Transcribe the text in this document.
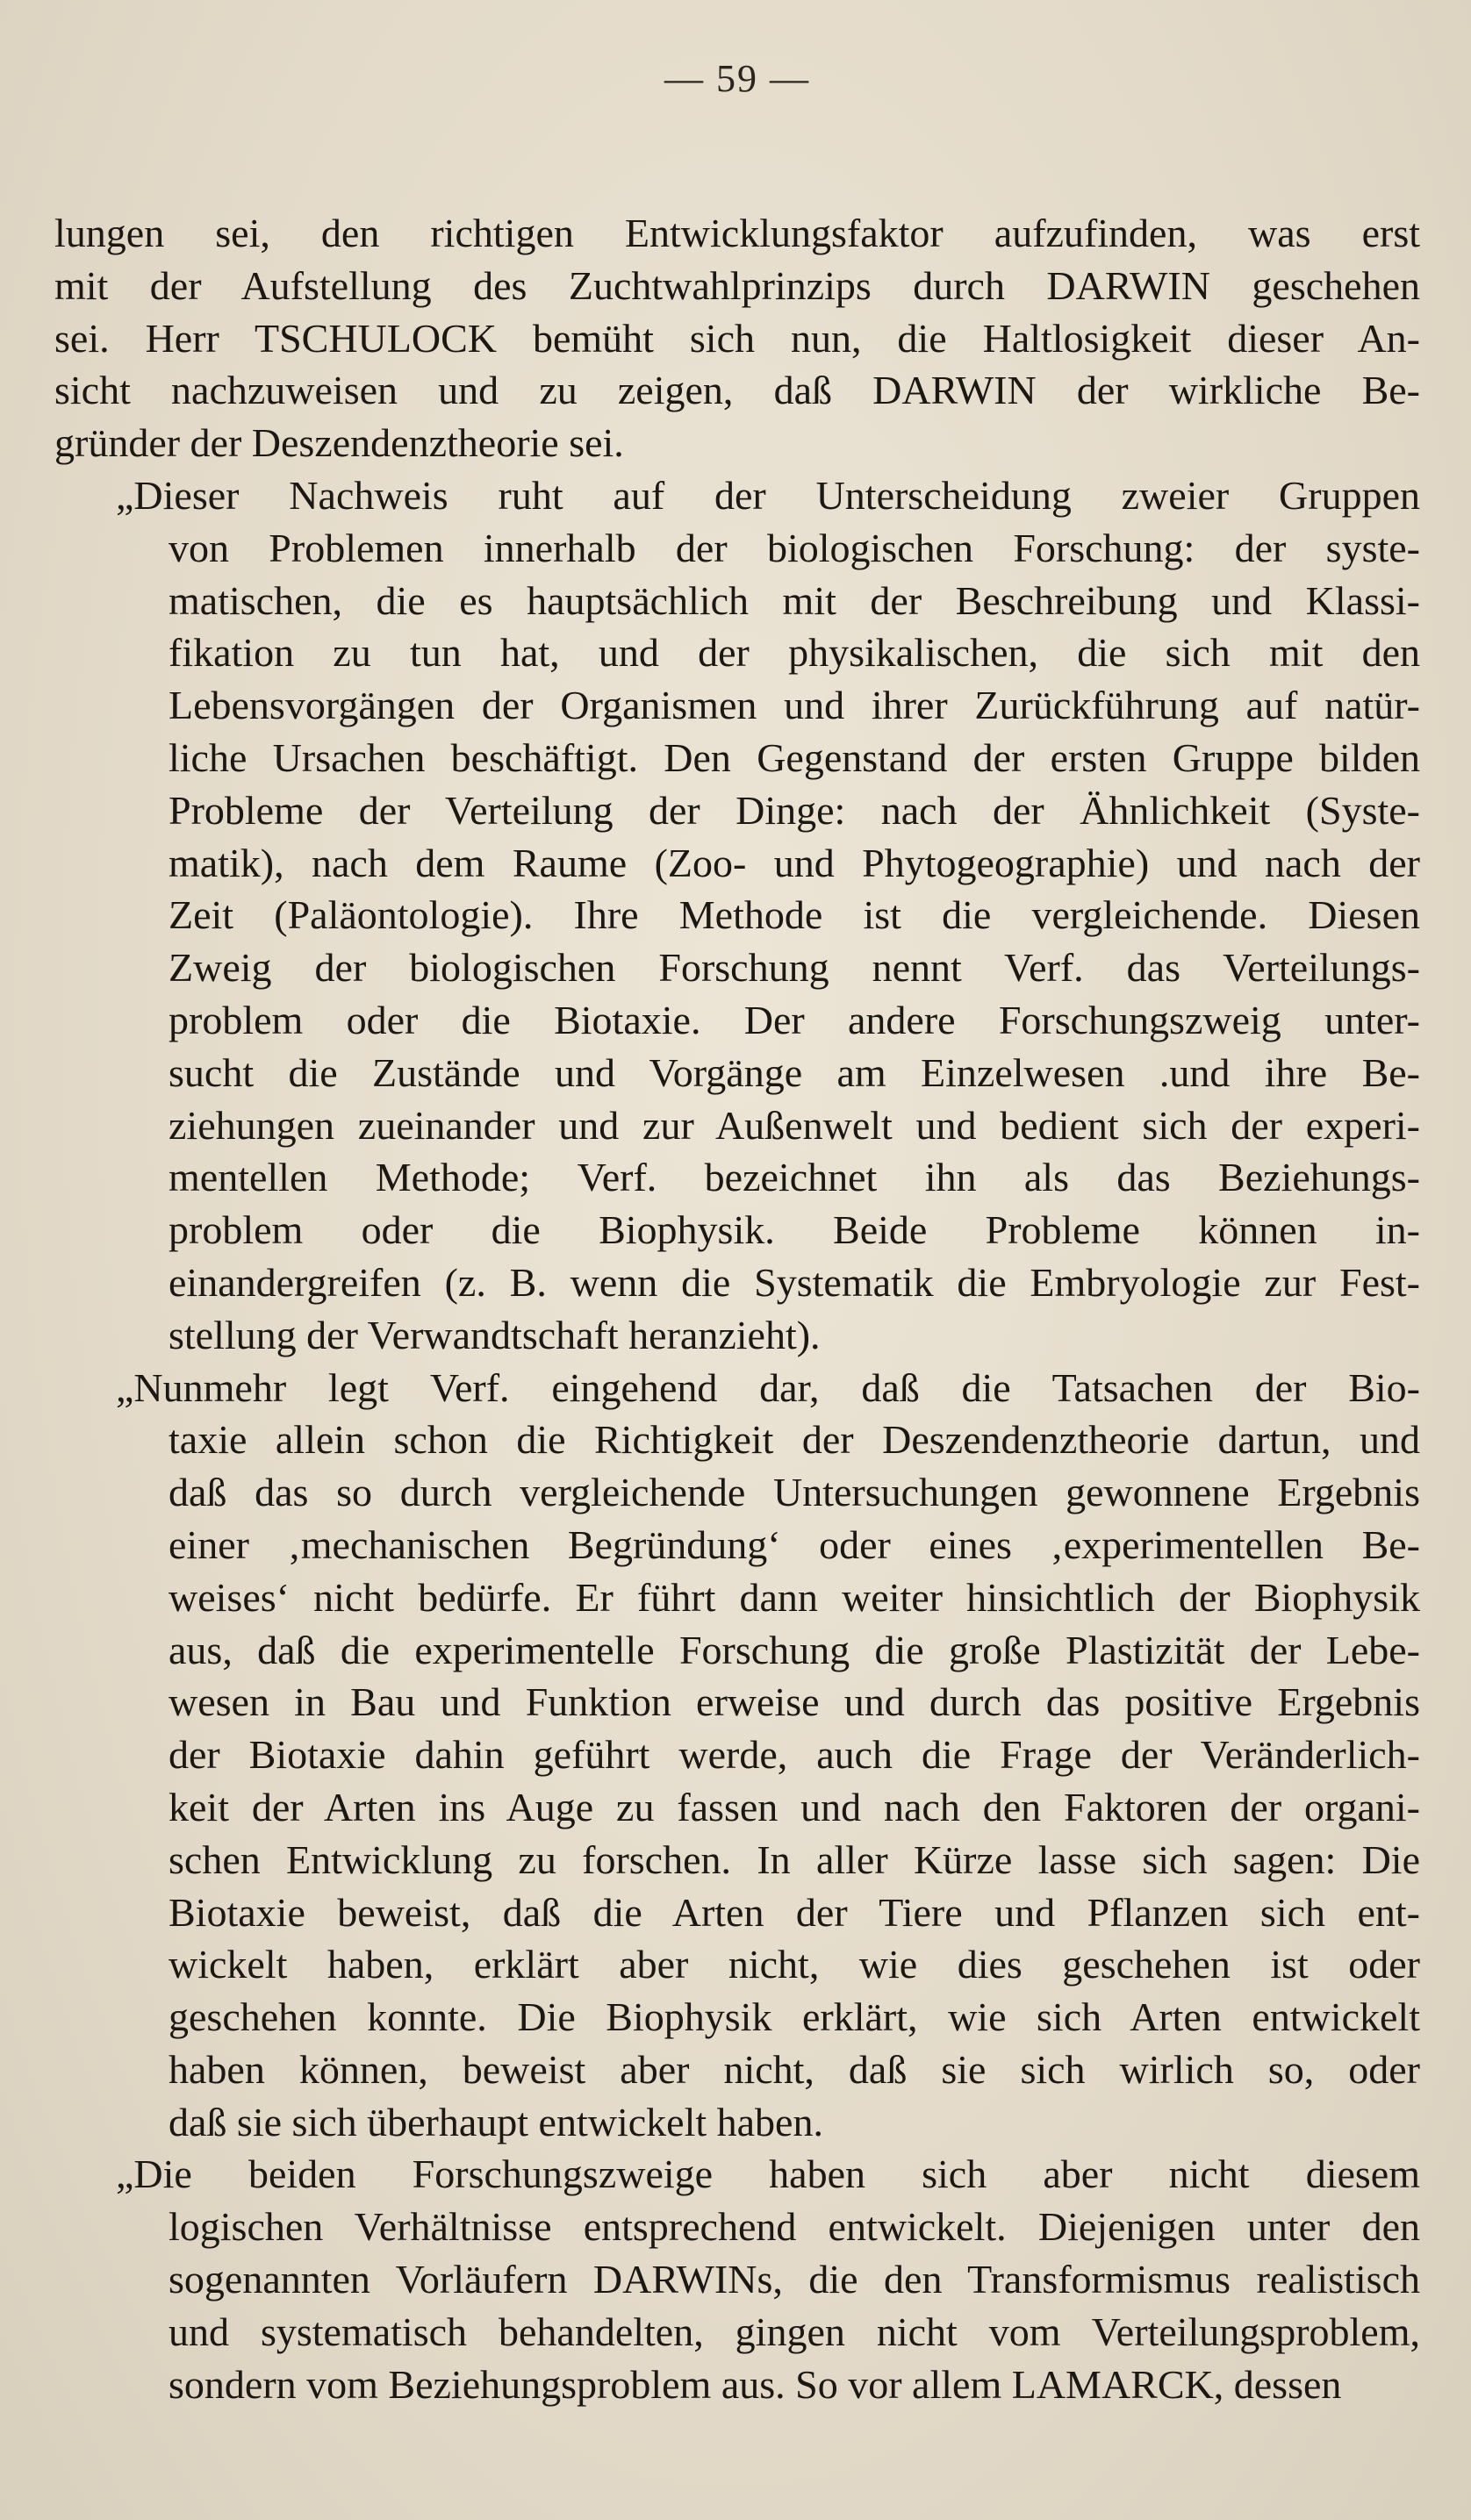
— 59 —
lungen sei, den richtigen Entwicklungsfaktor aufzufinden, was erst
mit der Aufstellung des Zuchtwahlprinzips durch DARWIN geschehen
sei. Herr TSCHULOCK bemüht sich nun, die Haltlosigkeit dieser An-
sicht nachzuweisen und zu zeigen, daß DARWIN der wirkliche Be-
gründer der Deszendenztheorie sei.
„Dieser Nachweis ruht auf der Unterscheidung zweier Gruppen
von Problemen innerhalb der biologischen Forschung: der syste-
matischen, die es hauptsächlich mit der Beschreibung und Klassi-
fikation zu tun hat, und der physikalischen, die sich mit den
Lebensvorgängen der Organismen und ihrer Zurückführung auf natür-
liche Ursachen beschäftigt. Den Gegenstand der ersten Gruppe bilden
Probleme der Verteilung der Dinge: nach der Ähnlichkeit (Syste-
matik), nach dem Raume (Zoo- und Phytogeographie) und nach der
Zeit (Paläontologie). Ihre Methode ist die vergleichende. Diesen
Zweig der biologischen Forschung nennt Verf. das Verteilungs-
problem oder die Biotaxie. Der andere Forschungszweig unter-
sucht die Zustände und Vorgänge am Einzelwesen .und ihre Be-
ziehungen zueinander und zur Außenwelt und bedient sich der experi-
mentellen Methode; Verf. bezeichnet ihn als das Beziehungs-
problem oder die Biophysik. Beide Probleme können in-
einandergreifen (z. B. wenn die Systematik die Embryologie zur Fest-
stellung der Verwandtschaft heranzieht).
„Nunmehr legt Verf. eingehend dar, daß die Tatsachen der Bio-
taxie allein schon die Richtigkeit der Deszendenztheorie dartun, und
daß das so durch vergleichende Untersuchungen gewonnene Ergebnis
einer ‚mechanischen Begründung‘ oder eines ‚experimentellen Be-
weises‘ nicht bedürfe. Er führt dann weiter hinsichtlich der Biophysik
aus, daß die experimentelle Forschung die große Plastizität der Lebe-
wesen in Bau und Funktion erweise und durch das positive Ergebnis
der Biotaxie dahin geführt werde, auch die Frage der Veränderlich-
keit der Arten ins Auge zu fassen und nach den Faktoren der organi-
schen Entwicklung zu forschen. In aller Kürze lasse sich sagen: Die
Biotaxie beweist, daß die Arten der Tiere und Pflanzen sich ent-
wickelt haben, erklärt aber nicht, wie dies geschehen ist oder
geschehen konnte. Die Biophysik erklärt, wie sich Arten entwickelt
haben können, beweist aber nicht, daß sie sich wirlich so, oder
daß sie sich überhaupt entwickelt haben.
„Die beiden Forschungszweige haben sich aber nicht diesem
logischen Verhältnisse entsprechend entwickelt. Diejenigen unter den
sogenannten Vorläufern DARWINs, die den Transformismus realistisch
und systematisch behandelten, gingen nicht vom Verteilungsproblem,
sondern vom Beziehungsproblem aus. So vor allem LAMARCK, dessen
